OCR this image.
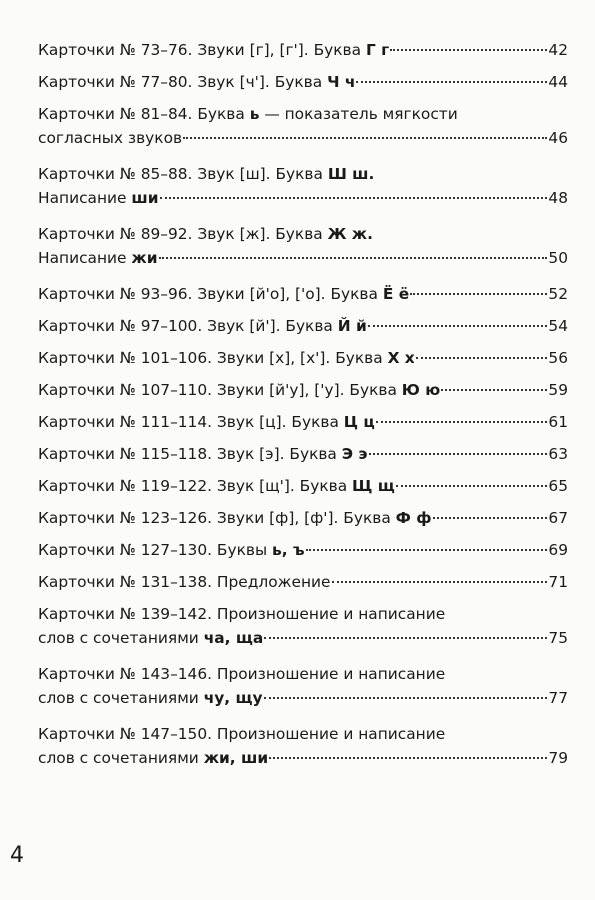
Карточки № 73–76. Звуки [г], [г']. Буква Г г	42
Карточки № 77–80. Звук [ч']. Буква Ч ч	44
Карточки № 81–84. Буква ь — показатель мягкости
согласных звуков	46
Карточки № 85–88. Звук [ш]. Буква Ш ш.
Написание ши	48
Карточки № 89–92. Звук [ж]. Буква Ж ж.
Написание жи	50
Карточки № 93–96. Звуки [й'о], ['о]. Буква Ё ё	52
Карточки № 97–100. Звук [й']. Буква Й й	54
Карточки № 101–106. Звуки [х], [х']. Буква Х х	56
Карточки № 107–110. Звуки [й'у], ['у]. Буква Ю ю	59
Карточки № 111–114. Звук [ц]. Буква Ц ц	61
Карточки № 115–118. Звук [э]. Буква Э э	63
Карточки № 119–122. Звук [щ']. Буква Щ щ	65
Карточки № 123–126. Звуки [ф], [ф']. Буква Ф ф	67
Карточки № 127–130. Буквы ь, ъ	69
Карточки № 131–138. Предложение	71
Карточки № 139–142. Произношение и написание
слов с сочетаниями ча, ща	75
Карточки № 143–146. Произношение и написание
слов с сочетаниями чу, щу	77
Карточки № 147–150. Произношение и написание
слов с сочетаниями жи, ши	79
4
